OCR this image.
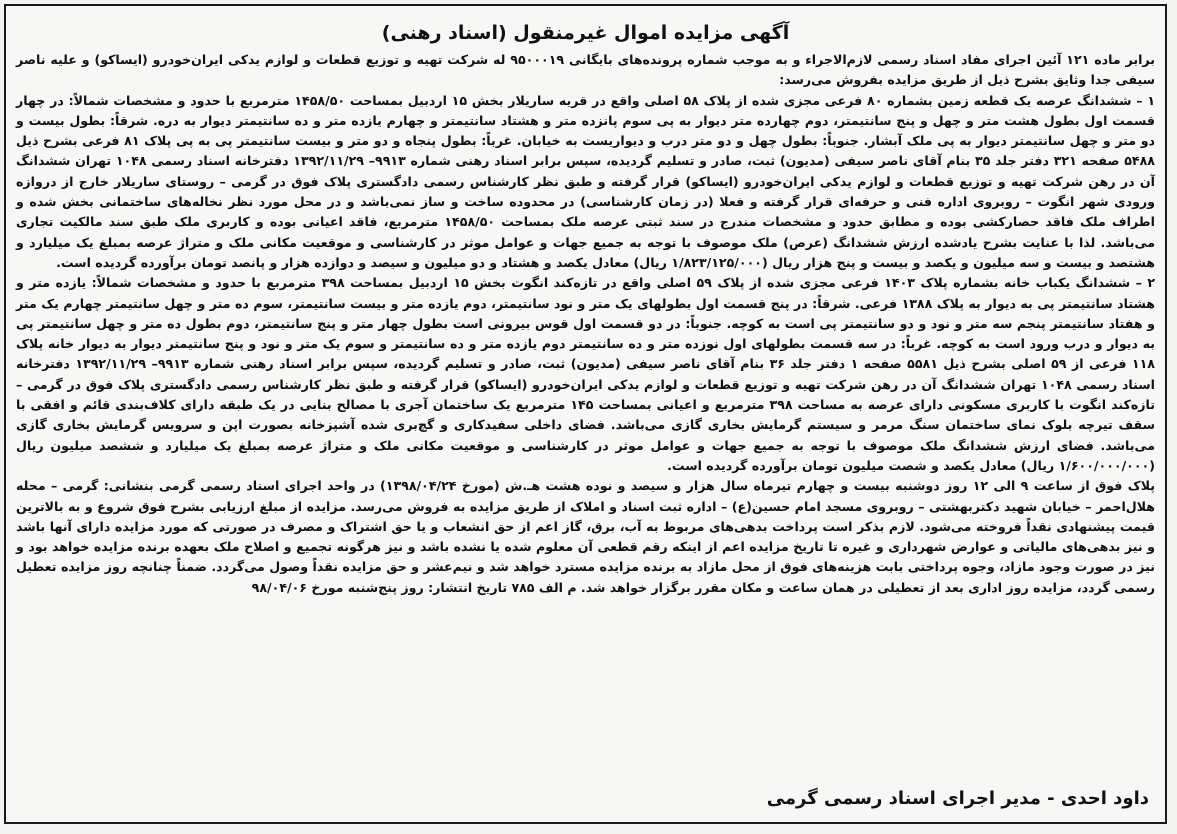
آگهی مزایده اموال غیرمنقول (اسناد رهنی)

برابر ماده ۱۲۱ آئین اجرای مفاد اسناد رسمی لازم‌الاجراء و به موجب شماره پرونده‌های بایگانی ۹۵۰۰۰۱۹ له شرکت تهیه و توزیع قطعات و لوازم یدکی ایران‌خودرو (ایساکو) و علیه ناصر سیفی جدا وثایق بشرح ذیل از طریق مزایده بفروش می‌رسد:

۱ – ششدانگ عرصه یک قطعه زمین بشماره ۸۰ فرعی مجزی شده از پلاک ۵۸ اصلی واقع در قریه ساریلار بخش ۱۵ اردبیل بمساحت ۱۴۵۸/۵۰ مترمربع با حدود و مشخصات شمالاً: در چهار قسمت اول بطول هشت متر و چهل و پنج سانتیمتر، دوم چهارده متر دیوار به پی سوم پانزده متر و هشتاد سانتیمتر و چهارم یازده متر و ده سانتیمتر دیوار به دره. شرقاً: بطول بیست و دو متر و چهل سانتیمتر دیوار به پی ملک آبشار. جنوباً: بطول چهل و دو متر درب و دیواریست به خیابان. غرباً: بطول پنجاه و دو متر و بیست سانتیمتر پی به پی پلاک ۸۱ فرعی بشرح ذیل ۵۴۸۸ صفحه ۳۲۱ دفتر جلد ۳۵ بنام آقای ناصر سیفی (مدیون) ثبت، صادر و تسلیم گردیده، سپس برابر اسناد رهنی شماره ۹۹۱۳– ۱۳۹۲/۱۱/۲۹ دفترخانه اسناد رسمی ۱۰۴۸ تهران ششدانگ آن در رهن شرکت تهیه و توزیع قطعات و لوازم یدکی ایران‌خودرو (ایساکو) قرار گرفته و طبق نظر کارشناس رسمی دادگستری پلاک فوق در گرمی – روستای ساریلار خارج از دروازه ورودی شهر انگوت – روبروی اداره فنی و حرفه‌ای قرار گرفته و فعلا (در زمان کارشناسی) در محدوده ساخت و ساز نمی‌باشد و در محل مورد نظر نخاله‌های ساختمانی بخش شده و اطراف ملک فاقد حصارکشی بوده و مطابق حدود و مشخصات مندرج در سند ثبتی عرصه ملک بمساحت ۱۴۵۸/۵۰ مترمربع، فاقد اعیانی بوده و کاربری ملک طبق سند مالکیت تجاری می‌باشد. لذا با عنایت بشرح یادشده ارزش ششدانگ (عرص) ملک موصوف با توجه به جمیع جهات و عوامل موثر در کارشناسی و موقعیت مکانی ملک و متراژ عرصه بمبلغ یک میلیارد و هشتصد و بیست و سه میلیون و یکصد و بیست و پنج هزار ریال (۱/۸۲۳/۱۲۵/۰۰۰ ریال) معادل یکصد و هشتاد و دو میلیون و سیصد و دوازده هزار و پانصد تومان برآورده گردیده است.

۲ – ششدانگ یکباب خانه بشماره پلاک ۱۴۰۳ فرعی مجزی شده از پلاک ۵۹ اصلی واقع در تازه‌کند انگوت بخش ۱۵ اردبیل بمساحت ۳۹۸ مترمربع با حدود و مشخصات شمالاً: یازده متر و هشتاد سانتیمتر پی به دیوار به پلاک ۱۳۸۸ فرعی. شرقاً: در پنج قسمت اول بطولهای یک متر و نود سانتیمتر، دوم یازده متر و بیست سانتیمتر، سوم ده متر و چهل سانتیمتر چهارم یک متر و هفتاد سانتیمتر پنجم سه متر و نود و دو سانتیمتر پی است به کوچه. جنوباً: در دو قسمت اول قوس بیرونی است بطول چهار متر و پنج سانتیمتر، دوم بطول ده متر و چهل سانتیمتر پی به دیوار و درب ورود است به کوچه. غرباً: در سه قسمت بطولهای اول نوزده متر و ده سانتیمتر دوم یازده متر و ده سانتیمتر و سوم یک متر و نود و پنج سانتیمتر دیوار به دیوار خانه پلاک ۱۱۸ فرعی از ۵۹ اصلی بشرح ذیل ۵۵۸۱ صفحه ۱ دفتر جلد ۳۶ بنام آقای ناصر سیفی (مدیون) ثبت، صادر و تسلیم گردیده، سپس برابر اسناد رهنی شماره ۹۹۱۳– ۱۳۹۲/۱۱/۲۹ دفترخانه اسناد رسمی ۱۰۴۸ تهران ششدانگ آن در رهن شرکت تهیه و توزیع قطعات و لوازم یدکی ایران‌خودرو (ایساکو) قرار گرفته و طبق نظر کارشناس رسمی دادگستری پلاک فوق در گرمی – تازه‌کند انگوت با کاربری مسکونی دارای عرصه به مساحت ۳۹۸ مترمربع و اعیانی بمساحت ۱۴۵ مترمربع یک ساختمان آجری با مصالح بنایی در یک طبقه دارای کلاف‌بندی قائم و افقی با سقف تیرچه بلوک نمای ساختمان سنگ مرمر و سیستم گرمایش بخاری گازی می‌باشد. فضای داخلی سفیدکاری و گچ‌بری شده آشپزخانه بصورت اپن و سرویس گرمایش بخاری گازی می‌باشد. فضای ارزش ششدانگ ملک موصوف با توجه به جمیع جهات و عوامل موثر در کارشناسی و موقعیت مکانی ملک و متراژ عرصه بمبلغ یک میلیارد و ششصد میلیون ریال (۱/۶۰۰/۰۰۰/۰۰۰ ریال) معادل یکصد و شصت میلیون تومان برآورده گردیده است.

پلاک فوق از ساعت ۹ الی ۱۲ روز دوشنبه بیست و چهارم تیرماه سال هزار و سیصد و نوده هشت هـ.ش (مورخ ۱۳۹۸/۰۴/۲۴) در واحد اجرای اسناد رسمی گرمی بنشانی: گرمی – محله هلال‌احمر – خیابان شهید دکتربهشتی – روبروی مسجد امام حسین(ع) – اداره ثبت اسناد و املاک از طریق مزایده به فروش می‌رسد. مزایده از مبلغ ارزیابی بشرح فوق شروع و به بالاترین قیمت پیشنهادی نقداً فروخته می‌شود. لازم بذکر است پرداخت بدهی‌های مربوط به آب، برق، گاز اعم از حق انشعاب و یا حق اشتراک و مصرف در صورتی که مورد مزایده دارای آنها باشد و نیز بدهی‌های مالیاتی و عوارض شهرداری و غیره تا تاریخ مزایده اعم از اینکه رقم قطعی آن معلوم شده یا نشده باشد و نیز هرگونه تجمیع و اصلاح ملک بعهده برنده مزایده خواهد بود و نیز در صورت وجود مازاد، وجوه پرداختی بابت هزینه‌های فوق از محل مازاد به برنده مزایده مسترد خواهد شد و نیم‌عشر و حق مزایده نقداً وصول می‌گردد. ضمناً چنانچه روز مزایده تعطیل رسمی گردد، مزایده روز اداری بعد از تعطیلی در همان ساعت و مکان مقرر برگزار خواهد شد. م الف ۷۸۵ تاریخ انتشار: روز پنج‌شنبه مورخ ۹۸/۰۴/۰۶

داود احدی - مدیر اجرای اسناد رسمی گرمی
